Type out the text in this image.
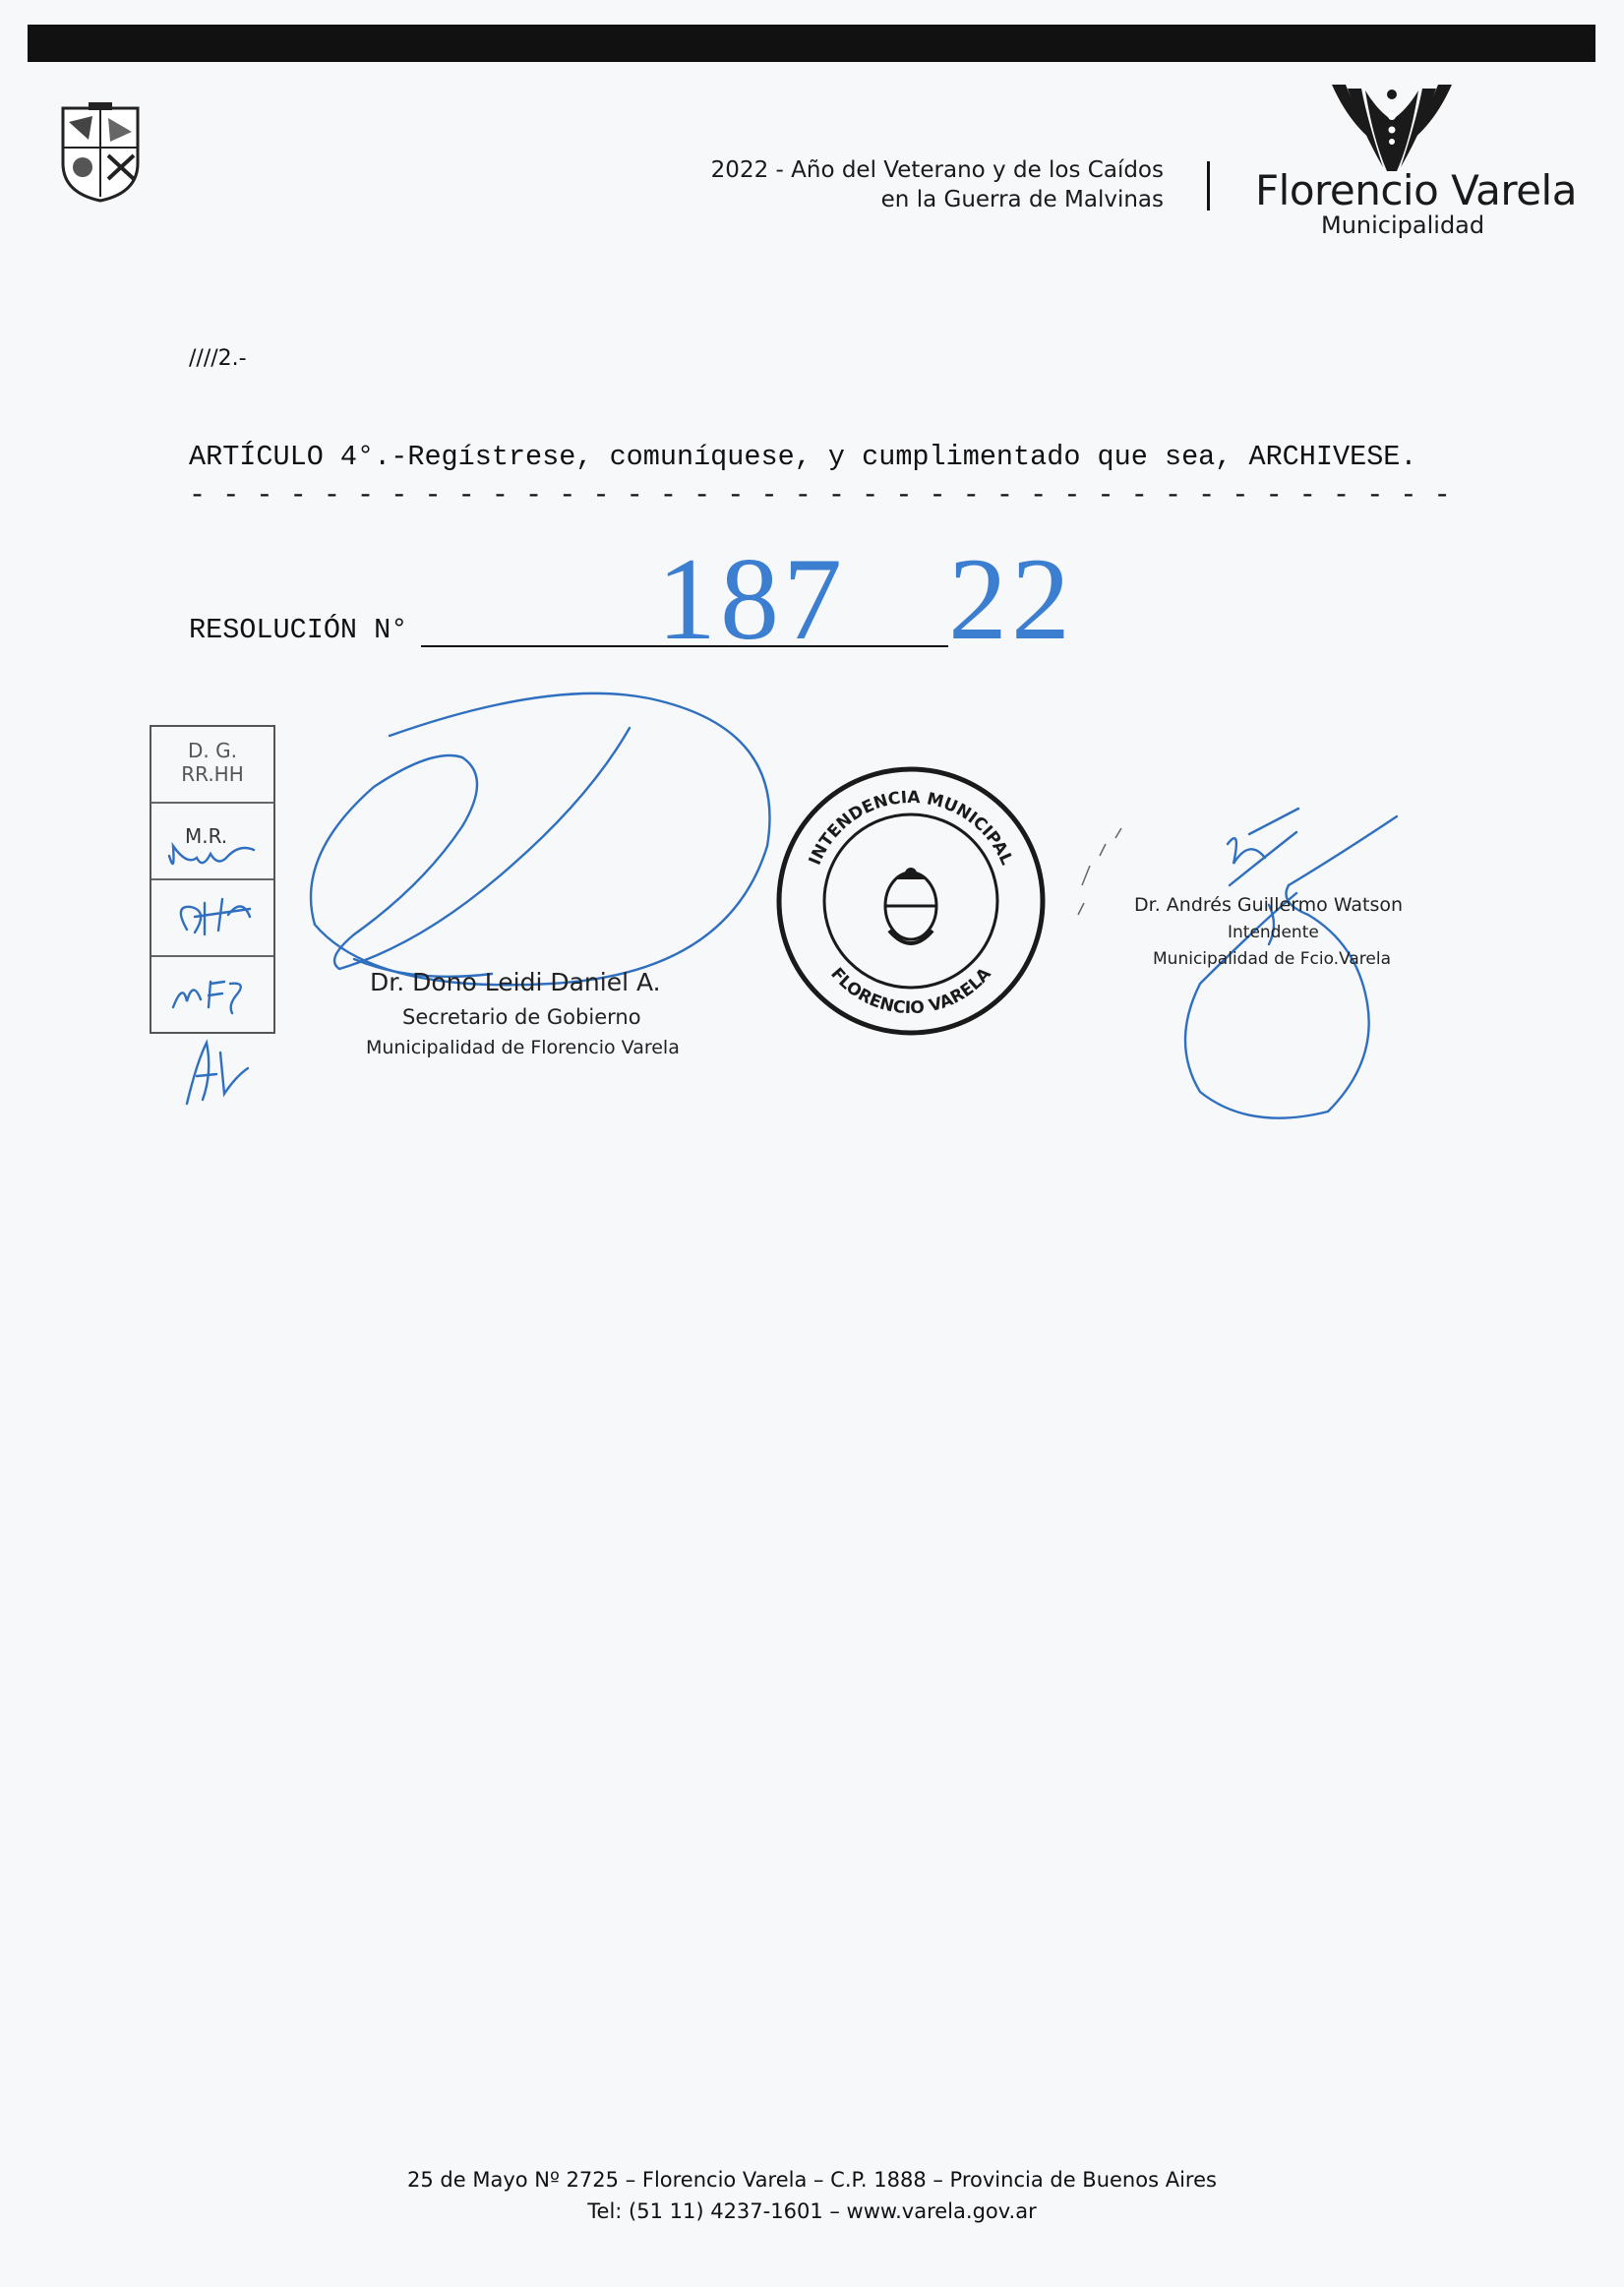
2022 - Año del Veterano y de los Caídos
en la Guerra de Malvinas Florencio Varela
Municipalidad
////2.-
ARTÍCULO 4°.-Regístrese, comuníquese, y cumplimentado que sea, ARCHIVESE.
- - - - - - - - - - - - - - - - - - - - - - - - - - - - - - - - - - - - - -
RESOLUCIÓN N° 187 22
D. G.
RR.HH
M.R.
INTENDENCIA MUNICIPAL
FLORENCIO VARELA
Dr. Dono Leidi Daniel A.
Secretario de Gobierno
Municipalidad de Florencio Varela
Dr. Andrés Guillermo Watson
Intendente
Municipalidad de Fcio.Varela
25 de Mayo Nº 2725 – Florencio Varela – C.P. 1888 – Provincia de Buenos Aires
Tel: (51 11) 4237-1601 – www.varela.gov.ar
